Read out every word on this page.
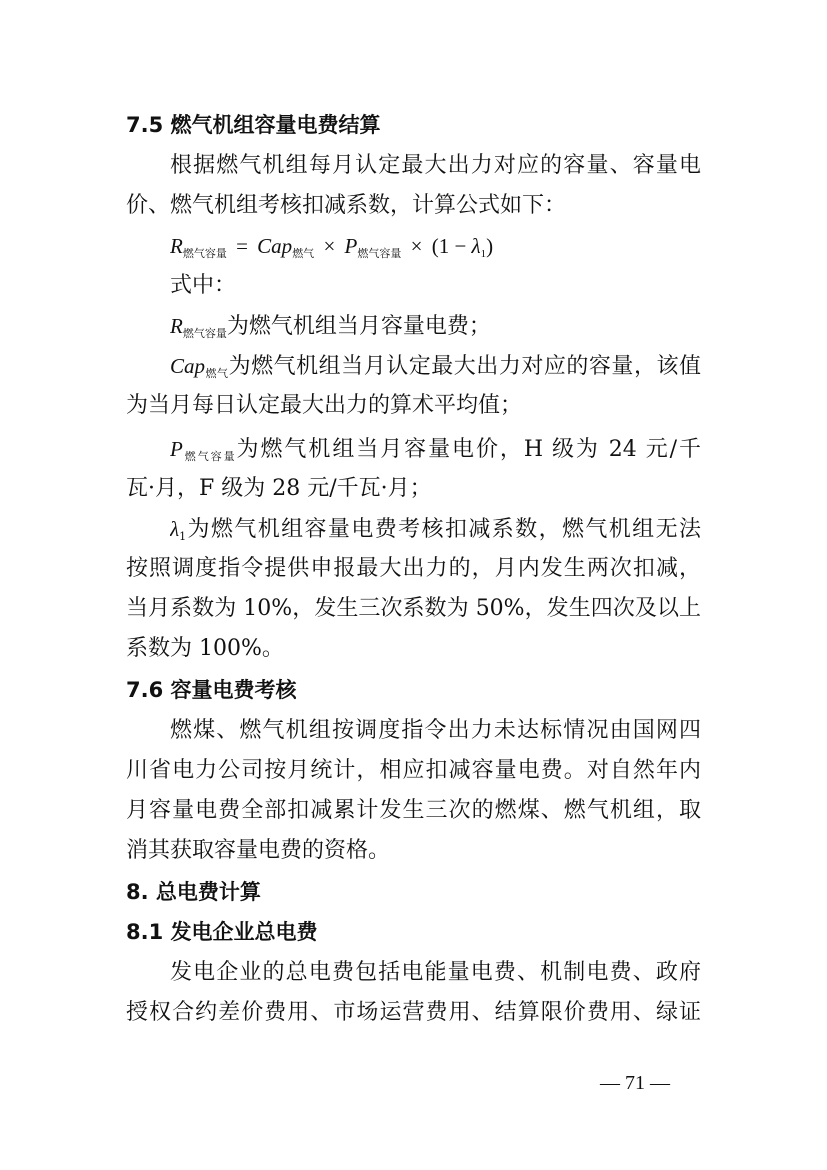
7.5 燃气机组容量电费结算
根据燃气机组每月认定最大出力对应的容量、容量电
价、燃气机组考核扣减系数，计算公式如下：
$R_{燃气容量} = Cap_{燃气} \times P_{燃气容量} \times (1 - \lambda_1)$
式中：
$R_{燃气容量}$为燃气机组当月容量电费；
Cap$_{燃气}$为燃气机组当月认定最大出力对应的容量，该值
为当月每日认定最大出力的算术平均值；
$P_{燃气容量}$为燃气机组当月容量电价，H 级为 24 元/千
瓦·月，F 级为 28 元/千瓦·月；
$\lambda_1$为燃气机组容量电费考核扣减系数，燃气机组无法
按照调度指令提供申报最大出力的，月内发生两次扣减，
当月系数为 10%，发生三次系数为 50%，发生四次及以上
系数为 100%。
7.6 容量电费考核
燃煤、燃气机组按调度指令出力未达标情况由国网四
川省电力公司按月统计，相应扣减容量电费。对自然年内
月容量电费全部扣减累计发生三次的燃煤、燃气机组，取
消其获取容量电费的资格。
8. 总电费计算
8.1 发电企业总电费
发电企业的总电费包括电能量电费、机制电费、政府
授权合约差价费用、市场运营费用、结算限价费用、绿证
— 71 —
